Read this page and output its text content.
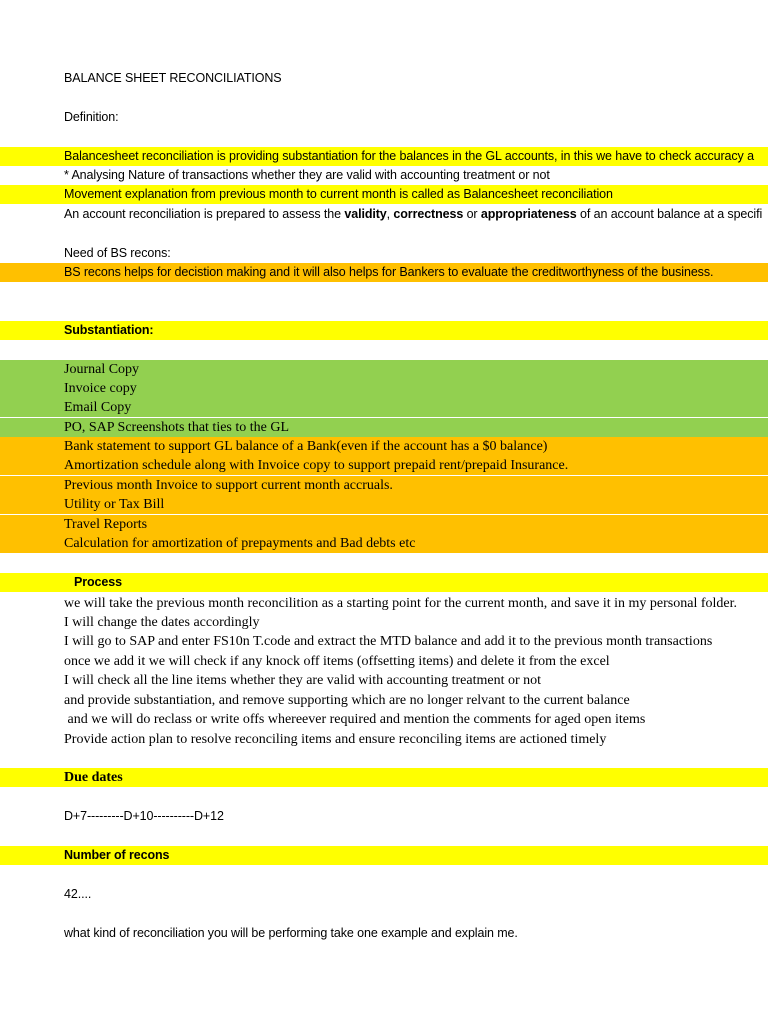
BALANCE SHEET RECONCILIATIONS
Definition:
Balancesheet reconciliation is providing substantiation for the balances in the GL accounts, in this we have to check accuracy a
* Analysing Nature of transactions whether they are valid with accounting treatment or not
Movement explanation from previous month to current month is called as Balancesheet reconciliation
An account reconciliation is prepared to assess the validity, correctness or appropriateness of an account balance at a specifi
Need of BS recons:
BS recons helps for decistion making and it will also helps for Bankers to evaluate the creditworthyness of the business.
Substantiation:
Journal Copy
Invoice copy
Email Copy
PO, SAP Screenshots that ties to the GL
Bank statement to support GL balance of a Bank(even if the account has a $0 balance)
Amortization schedule along with Invoice copy to support prepaid rent/prepaid Insurance.
Previous month Invoice to support current month accruals.
Utility or Tax Bill
Travel Reports
Calculation for amortization of prepayments and Bad debts etc
Process
we will take the previous month reconcilition as a starting point for the current month, and save it in my personal folder.
I will change the dates accordingly
I will go to SAP and enter FS10n T.code and extract the MTD balance and add it to the previous month transactions
once we add it we will check if any knock off items (offsetting items) and delete it from the excel
I will check all the line items whether they are valid with accounting treatment or not
and provide substantiation, and remove supporting which are no longer relvant to the current balance
and we will do reclass or write offs whereever required and mention the comments for aged open items
Provide action plan to resolve reconciling items and ensure reconciling items are actioned timely
Due dates
D+7---------D+10----------D+12
Number of recons
42....
what kind of reconciliation you will be performing take one example and explain me.
